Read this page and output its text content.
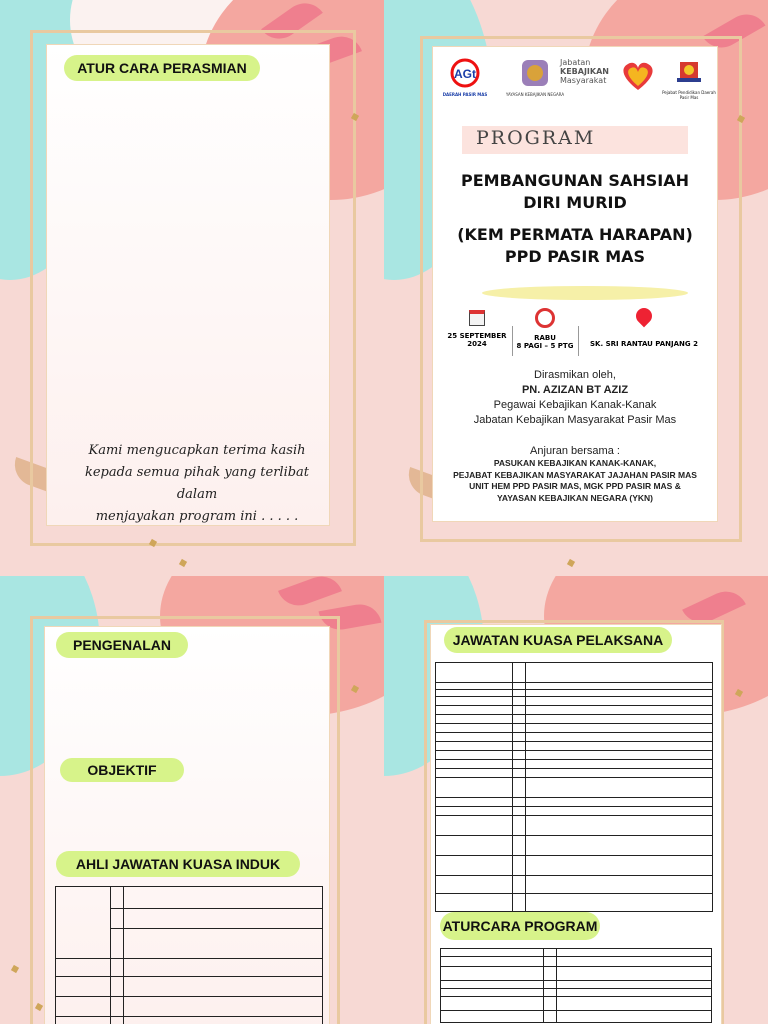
ATUR CARA PERASMIAN
Kami mengucapkan terima kasih
kepada semua pihak yang terlibat dalam
menjayakan program ini . . . . .
AGt
DAERAH PASIR MAS	YAYASAN KEBAJIKAN NEGARA
Jabatan
KEBAJIKAN
Masyarakat
Pejabat Pendidikan Daerah Pasir Mas
PROGRAM
PEMBANGUNAN SAHSIAH
DIRI MURID
(KEM PERMATA HARAPAN)
PPD PASIR MAS
25 SEPTEMBER
2024
RABU
8 PAGI – 5 PTG	SK. SRI RANTAU PANJANG 2
Dirasmikan oleh,
PN. AZIZAN BT AZIZ
Pegawai Kebajikan Kanak-Kanak
Jabatan Kebajikan Masyarakat Pasir Mas
Anjuran bersama :
PASUKAN KEBAJIKAN KANAK-KANAK,
PEJABAT KEBAJIKAN MASYARAKAT JAJAHAN PASIR MAS
UNIT HEM PPD PASIR MAS, MGK PPD PASIR MAS &
YAYASAN KEBAJIKAN NEGARA (YKN)
PENGENALAN
OBJEKTIF
AHLI JAWATAN KUASA INDUK

JAWATAN KUASA PELAKSANA

ATURCARA PROGRAM
